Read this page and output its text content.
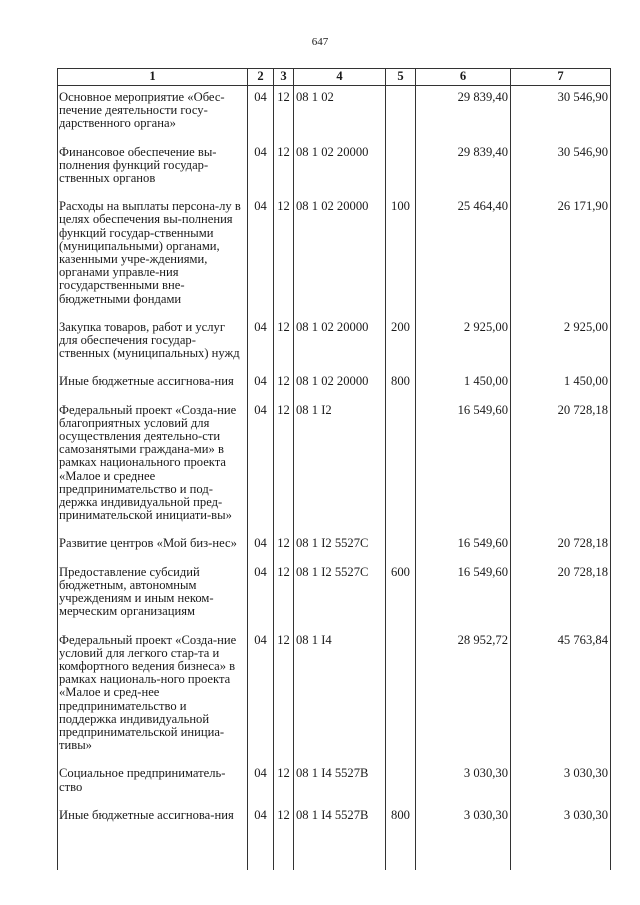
647
1	2	3	4	5	6	7
Основное мероприятие «Обес-печение деятельности госу-дарственного органа»	04	12	08 1 02		29 839,40	30 546,90
Финансовое обеспечение вы-полнения функций государ-ственных органов	04	12	08 1 02 20000		29 839,40	30 546,90
Расходы на выплаты персона-лу в целях обеспечения вы-полнения функций государ-ственными (муниципальными) органами, казенными учре-ждениями, органами управле-ния государственными вне-бюджетными фондами	04	12	08 1 02 20000	100	25 464,40	26 171,90
Закупка товаров, работ и услуг для обеспечения государ-ственных (муниципальных) нужд	04	12	08 1 02 20000	200	2 925,00	2 925,00
Иные бюджетные ассигнова-ния	04	12	08 1 02 20000	800	1 450,00	1 450,00
Федеральный проект «Созда-ние благоприятных условий для осуществления деятельно-сти самозанятыми граждана-ми» в рамках национального проекта «Малое и среднее предпринимательство и под-держка индивидуальной пред-принимательской инициати-вы»	04	12	08 1 I2		16 549,60	20 728,18
Развитие центров «Мой биз-нес»	04	12	08 1 I2 5527C		16 549,60	20 728,18
Предоставление субсидий бюджетным, автономным учреждениям и иным неком-мерческим организациям	04	12	08 1 I2 5527C	600	16 549,60	20 728,18
Федеральный проект «Созда-ние условий для легкого стар-та и комфортного ведения бизнеса» в рамках националь-ного проекта «Малое и сред-нее предпринимательство и поддержка индивидуальной предпринимательской инициа-тивы»	04	12	08 1 I4		28 952,72	45 763,84
Социальное предприниматель-ство	04	12	08 1 I4 5527B		3 030,30	3 030,30
Иные бюджетные ассигнова-ния	04	12	08 1 I4 5527B	800	3 030,30	3 030,30
